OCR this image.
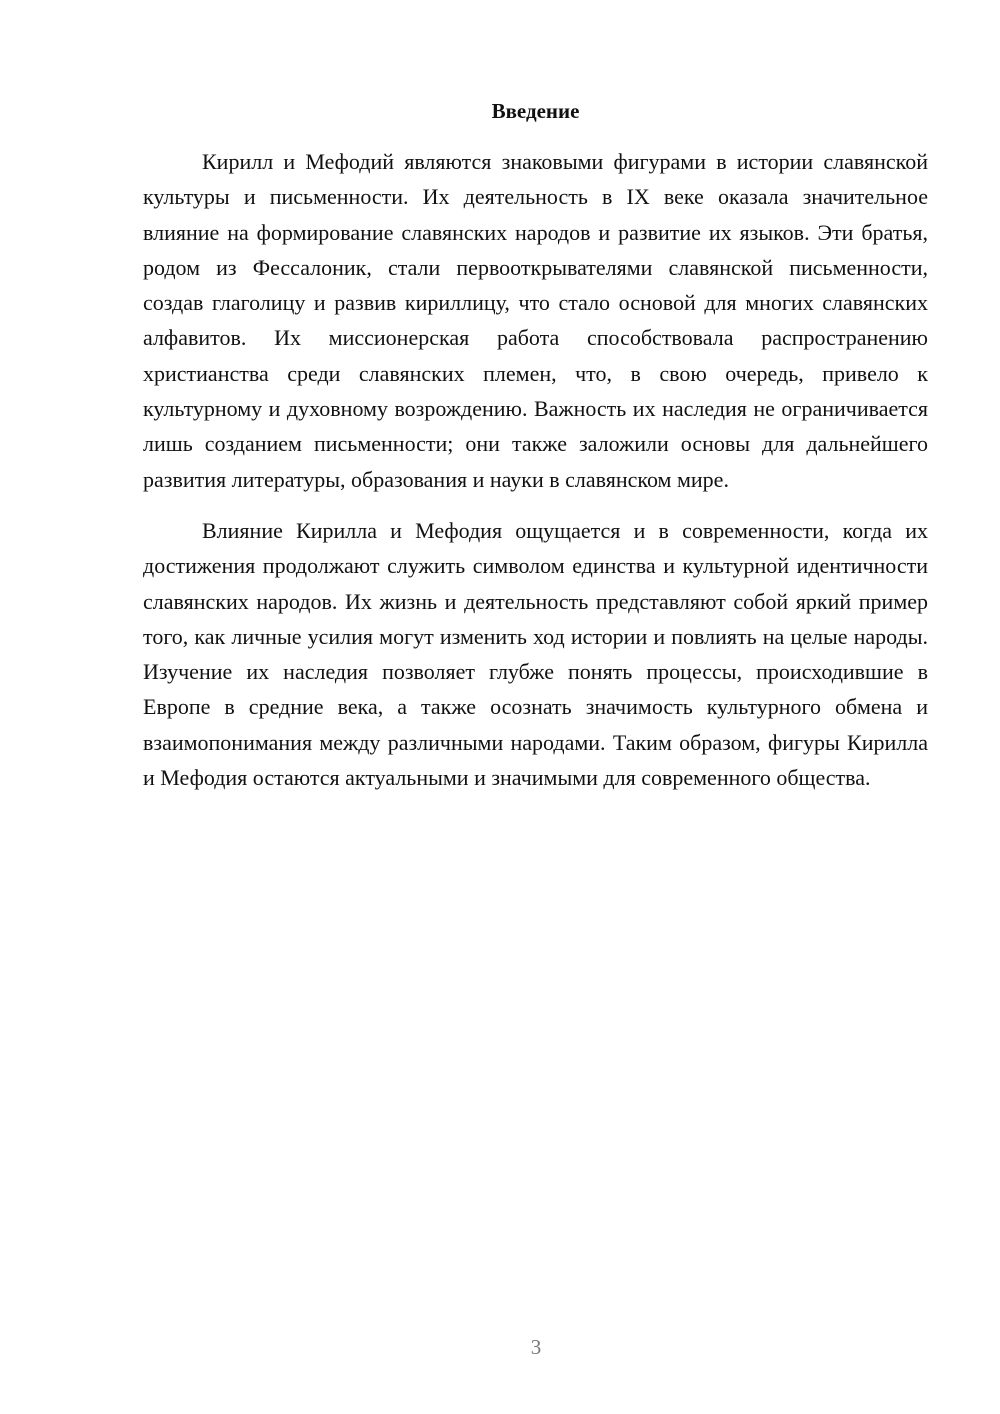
Введение

Кирилл и Мефодий являются знаковыми фигурами в истории славянской культуры и письменности. Их деятельность в IX веке оказала значительное влияние на формирование славянских народов и развитие их языков. Эти братья, родом из Фессалоник, стали первооткрывателями славянской письменности, создав глаголицу и развив кириллицу, что стало основой для многих славянских алфавитов. Их миссионерская работа способствовала распространению христианства среди славянских племен, что, в свою очередь, привело к культурному и духовному возрождению. Важность их наследия не ограничивается лишь созданием письменности; они также заложили основы для дальнейшего развития литературы, образования и науки в славянском мире.

Влияние Кирилла и Мефодия ощущается и в современности, когда их достижения продолжают служить символом единства и культурной идентичности славянских народов. Их жизнь и деятельность представляют собой яркий пример того, как личные усилия могут изменить ход истории и повлиять на целые народы. Изучение их наследия позволяет глубже понять процессы, происходившие в Европе в средние века, а также осознать значимость культурного обмена и взаимопонимания между различными народами. Таким образом, фигуры Кирилла и Мефодия остаются актуальными и значимыми для современного общества.

3
